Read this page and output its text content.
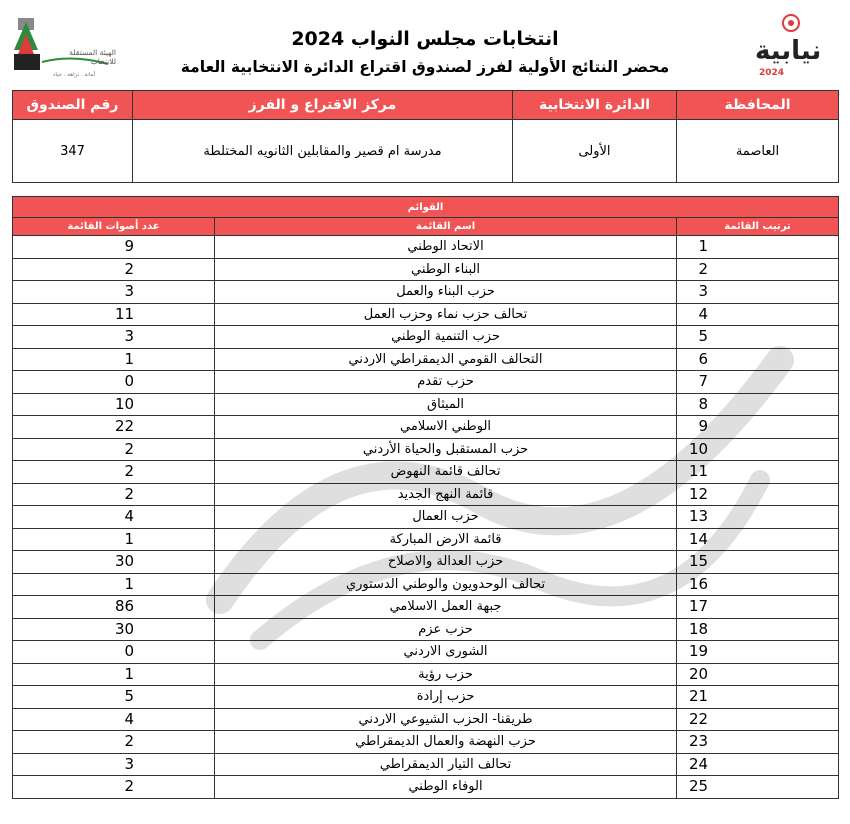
الهيئة المستقلة للانتخاب
أمانة . نزاهة . حياد
انتخابات مجلس النواب 2024
محضر النتائج الأولية لفرز لصندوق اقتراع الدائرة الانتخابية العامة
نيابية
2024
المحافظة	الدائرة الانتخابية	مركز الاقتراع و الفرز	رقم الصندوق
العاصمة	الأولى	مدرسة ام قصير والمقابلين الثانويه المختلطة	347
القوائم		
ترتيب القائمة	اسم القائمة	عدد أصوات القائمة
1	الاتحاد الوطني	9
2	البناء الوطني	2
3	حزب البناء والعمل	3
4	تحالف حزب نماء وحزب العمل	11
5	حزب التنمية الوطني	3
6	التحالف القومي الديمقراطي الاردني	1
7	حزب تقدم	0
8	الميثاق	10
9	الوطني الاسلامي	22
10	حزب المستقبل والحياة الأردني	2
11	تحالف قائمة النهوض	2
12	قائمة النهج الجديد	2
13	حزب العمال	4
14	قائمة الارض المباركة	1
15	حزب العدالة والاصلاح	30
16	تحالف الوحدويون والوطني الدستوري	1
17	جبهة العمل الاسلامي	86
18	حزب عزم	30
19	الشورى الاردني	0
20	حزب رؤية	1
21	حزب إرادة	5
22	طريقنا- الحزب الشيوعي الاردني	4
23	حزب النهضة والعمال الديمقراطي	2
24	تحالف التيار الديمقراطي	3
25	الوفاء الوطني	2
